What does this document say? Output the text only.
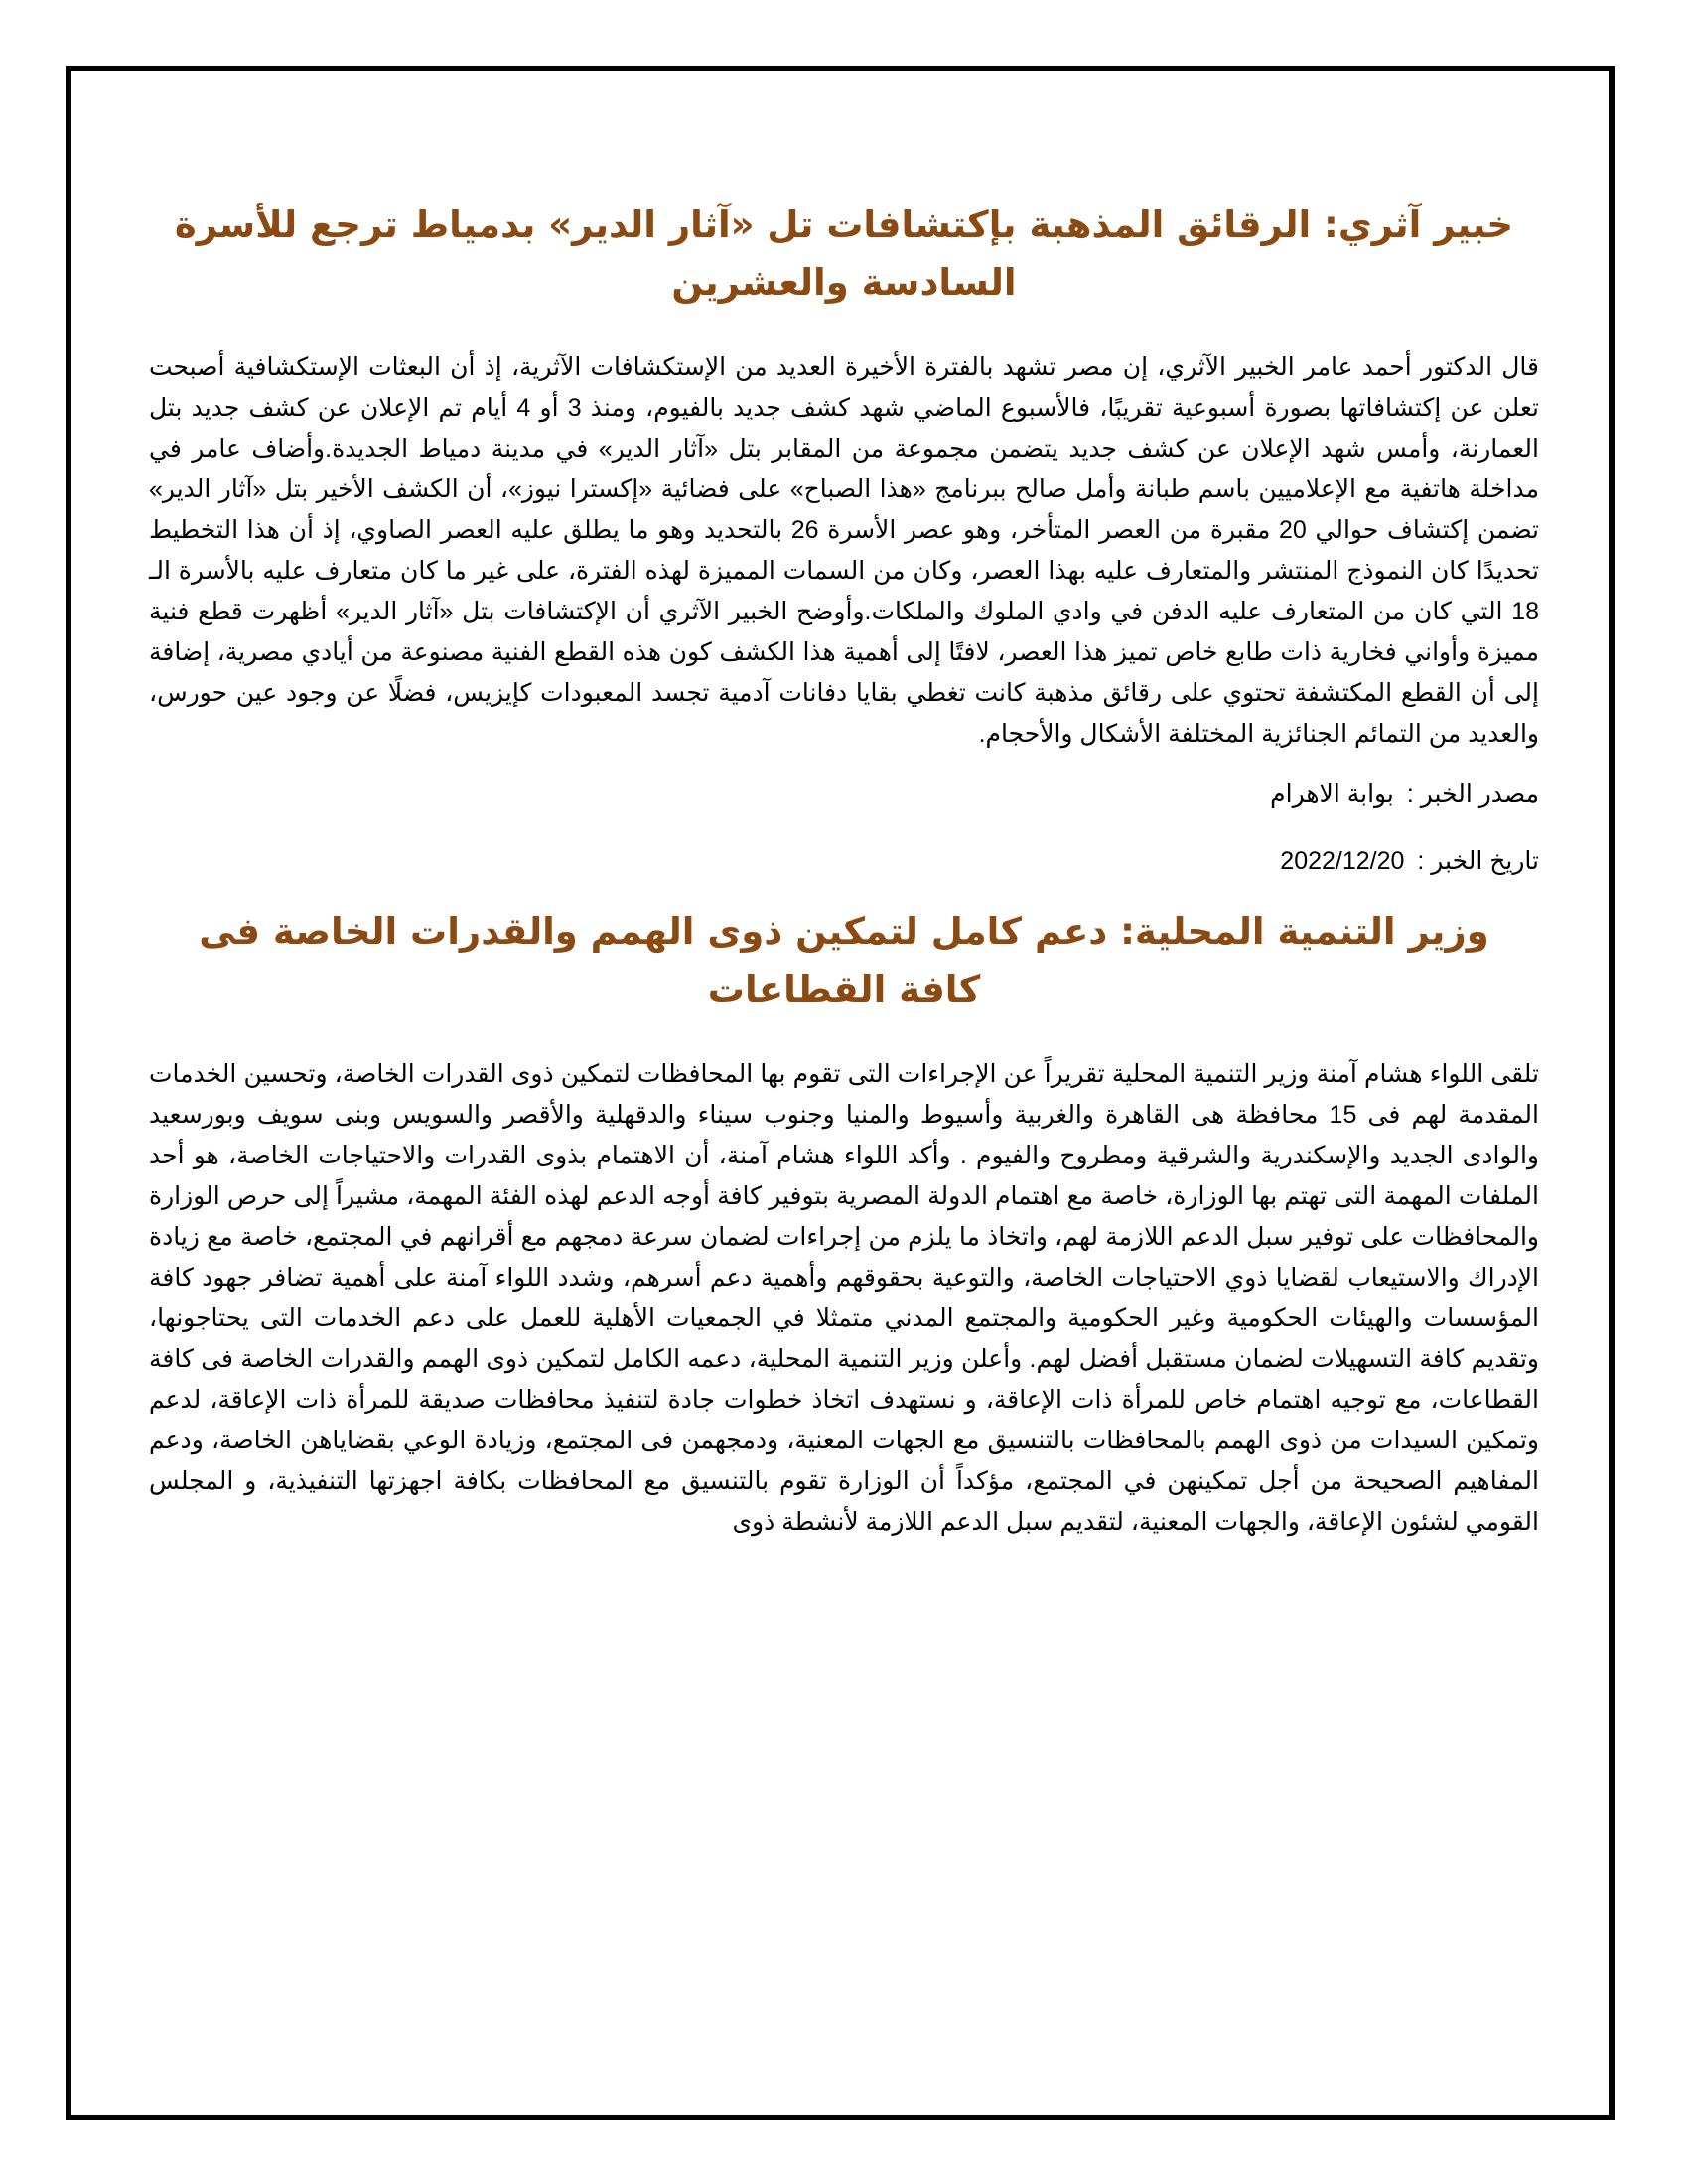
خبير آثري: الرقائق المذهبة بإكتشافات تل «آثار الدير» بدمياط ترجع للأسرة السادسة والعشرين

قال الدكتور أحمد عامر الخبير الآثري، إن مصر تشهد بالفترة الأخيرة العديد من الإستكشافات الآثرية، إذ أن البعثات الإستكشافية أصبحت تعلن عن إكتشافاتها بصورة أسبوعية تقريبًا، فالأسبوع الماضي شهد كشف جديد بالفيوم، ومنذ 3 أو 4 أيام تم الإعلان عن كشف جديد بتل العمارنة، وأمس شهد الإعلان عن كشف جديد يتضمن مجموعة من المقابر بتل «آثار الدير» في مدينة دمياط الجديدة.وأضاف عامر في مداخلة هاتفية مع الإعلاميين باسم طبانة وأمل صالح ببرنامج «هذا الصباح» على فضائية «إكسترا نيوز»، أن الكشف الأخير بتل «آثار الدير» تضمن إكتشاف حوالي 20 مقبرة من العصر المتأخر، وهو عصر الأسرة 26 بالتحديد وهو ما يطلق عليه العصر الصاوي، إذ أن هذا التخطيط تحديدًا كان النموذج المنتشر والمتعارف عليه بهذا العصر، وكان من السمات المميزة لهذه الفترة، على غير ما كان متعارف عليه بالأسرة الـ 18 التي كان من المتعارف عليه الدفن في وادي الملوك والملكات.وأوضح الخبير الآثري أن الإكتشافات بتل «آثار الدير» أظهرت قطع فنية مميزة وأواني فخارية ذات طابع خاص تميز هذا العصر، لافتًا إلى أهمية هذا الكشف كون هذه القطع الفنية مصنوعة من أيادي مصرية، إضافة إلى أن القطع المكتشفة تحتوي على رقائق مذهبة كانت تغطي بقايا دفانات آدمية تجسد المعبودات كإيزيس، فضلًا عن وجود عين حورس، والعديد من التمائم الجنائزية المختلفة الأشكال والأحجام.

مصدر الخبر : بوابة الاهرام

تاريخ الخبر : 2022/12/20

وزير التنمية المحلية: دعم كامل لتمكين ذوى الهمم والقدرات الخاصة فى كافة القطاعات

تلقى اللواء هشام آمنة وزير التنمية المحلية تقريراً عن الإجراءات التى تقوم بها المحافظات لتمكين ذوى القدرات الخاصة، وتحسين الخدمات المقدمة لهم فى 15 محافظة هى القاهرة والغربية وأسيوط والمنيا وجنوب سيناء والدقهلية والأقصر والسويس وبنى سويف وبورسعيد والوادى الجديد والإسكندرية والشرقية ومطروح والفيوم . وأكد اللواء هشام آمنة، أن الاهتمام بذوى القدرات والاحتياجات الخاصة، هو أحد الملفات المهمة التى تهتم بها الوزارة، خاصة مع اهتمام الدولة المصرية بتوفير كافة أوجه الدعم لهذه الفئة المهمة، مشيراً إلى حرص الوزارة والمحافظات على توفير سبل الدعم اللازمة لهم، واتخاذ ما يلزم من إجراءات لضمان سرعة دمجهم مع أقرانهم في المجتمع، خاصة مع زيادة الإدراك والاستيعاب لقضايا ذوي الاحتياجات الخاصة، والتوعية بحقوقهم وأهمية دعم أسرهم، وشدد اللواء آمنة على أهمية تضافر جهود كافة المؤسسات والهيئات الحكومية وغير الحكومية والمجتمع المدني متمثلا في الجمعيات الأهلية للعمل على دعم الخدمات التى يحتاجونها، وتقديم كافة التسهيلات لضمان مستقبل أفضل لهم. وأعلن وزير التنمية المحلية، دعمه الكامل لتمكين ذوى الهمم والقدرات الخاصة فى كافة القطاعات، مع توجيه اهتمام خاص للمرأة ذات الإعاقة، و نستهدف اتخاذ خطوات جادة لتنفيذ محافظات صديقة للمرأة ذات الإعاقة، لدعم وتمكين السيدات من ذوى الهمم بالمحافظات بالتنسيق مع الجهات المعنية، ودمجهمن فى المجتمع، وزيادة الوعي بقضاياهن الخاصة، ودعم المفاهيم الصحيحة من أجل تمكينهن في المجتمع، مؤكداً أن الوزارة تقوم بالتنسيق مع المحافظات بكافة اجهزتها التنفيذية، و المجلس القومي لشئون الإعاقة، والجهات المعنية، لتقديم سبل الدعم اللازمة لأنشطة ذوى
